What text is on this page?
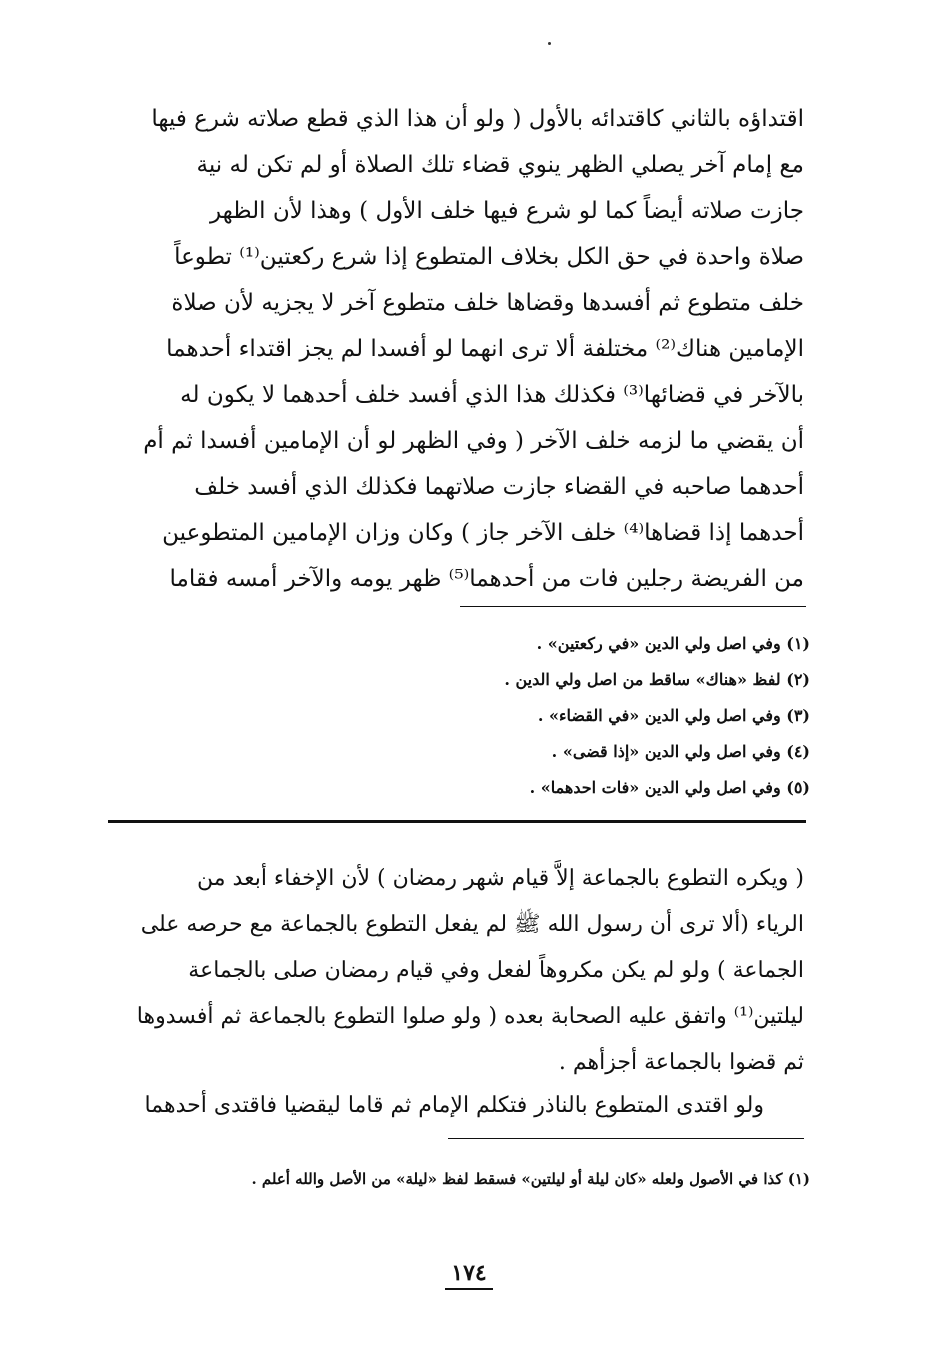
اقتداؤه بالثاني كاقتدائه بالأول ( ولو أن هذا الذي قطع صلاته شرع فيها
مع إمام آخر يصلي الظهر ينوي قضاء تلك الصلاة أو لم تكن له نية
جازت صلاته أيضاً كما لو شرع فيها خلف الأول ) وهذا لأن الظهر
صلاة واحدة في حق الكل بخلاف المتطوع إذا شرع ركعتين⁽¹⁾ تطوعاً
خلف متطوع ثم أفسدها وقضاها خلف متطوع آخر لا يجزيه لأن صلاة
الإمامين هناك⁽²⁾ مختلفة ألا ترى انهما لو أفسدا لم يجز اقتداء أحدهما
بالآخر في قضائها⁽³⁾ فكذلك هذا الذي أفسد خلف أحدهما لا يكون له
أن يقضي ما لزمه خلف الآخر ( وفي الظهر لو أن الإمامين أفسدا ثم أم
أحدهما صاحبه في القضاء جازت صلاتهما فكذلك الذي أفسد خلف
أحدهما إذا قضاها⁽⁴⁾ خلف الآخر جاز ) وكان وزان الإمامين المتطوعين
من الفريضة رجلين فات من أحدهما⁽⁵⁾ ظهر يومه والآخر أمسه فقاما
(١) وفي اصل ولي الدين «في ركعتين» .
(٢) لفظ «هناك» ساقط من اصل ولي الدين .
(٣) وفي اصل ولي الدين «في القضاء» .
(٤) وفي اصل ولي الدين «إذا قضى» .
(٥) وفي اصل ولي الدين «فات احدهما» .
( ويكره التطوع بالجماعة إلاَّ قيام شهر رمضان ) لأن الإخفاء أبعد من
الرياء (ألا ترى أن رسول الله ﷺ لم يفعل التطوع بالجماعة مع حرصه على
الجماعة ) ولو لم يكن مكروهاً لفعل وفي قيام رمضان صلى بالجماعة
ليلتين⁽¹⁾ واتفق عليه الصحابة بعده ( ولو صلوا التطوع بالجماعة ثم أفسدوها
ثم قضوا بالجماعة أجزأهم .
ولو اقتدى المتطوع بالناذر فتكلم الإمام ثم قاما ليقضيا فاقتدى أحدهما
(١) كذا في الأصول ولعله «كان ليلة أو ليلتين» فسقط لفظ «ليلة» من الأصل والله أعلم .
١٧٤
